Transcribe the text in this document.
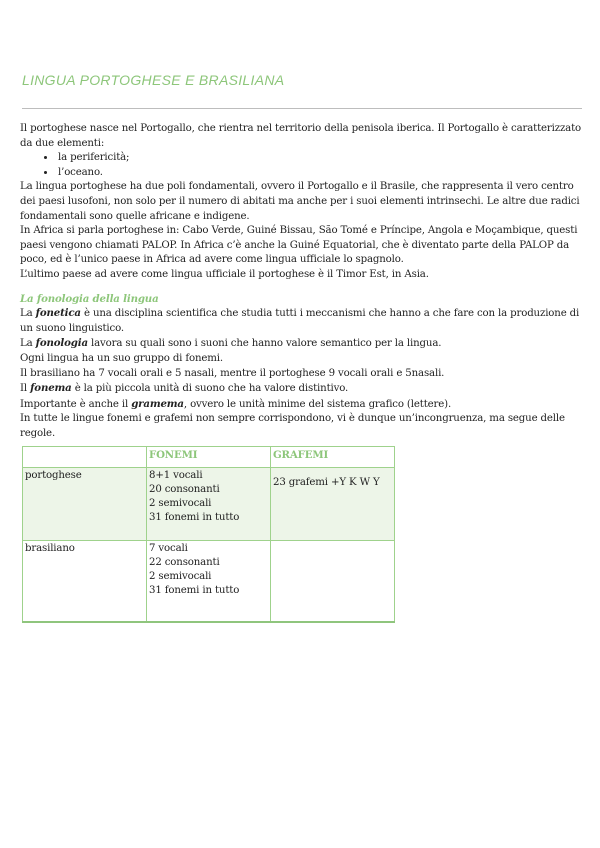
LINGUA PORTOGHESE E BRASILIANA

Il portoghese nasce nel Portogallo, che rientra nel territorio della penisola iberica. Il Portogallo è caratterizzato da due elementi:

• la perifericità;
• l’oceano.

La lingua portoghese ha due poli fondamentali, ovvero il Portogallo e il Brasile, che rappresenta il vero centro dei paesi lusofoni, non solo per il numero di abitati ma anche per i suoi elementi intrinsechi. Le altre due radici fondamentali sono quelle africane e indigene.

In Africa si parla portoghese in: Cabo Verde, Guiné Bissau, São Tomé e Príncipe, Angola e Moçambique, questi paesi vengono chiamati PALOP. In Africa c’è anche la Guiné Equatorial, che è diventato parte della PALOP da poco, ed è l’unico paese in Africa ad avere come lingua ufficiale lo spagnolo.

L’ultimo paese ad avere come lingua ufficiale il portoghese è il Timor Est, in Asia.

La fonologia della lingua

La fonetica è una disciplina scientifica che studia tutti i meccanismi che hanno a che fare con la produzione di un suono linguistico.

La fonologia lavora su quali sono i suoni che hanno valore semantico per la lingua.

Ogni lingua ha un suo gruppo di fonemi.

Il brasiliano ha 7 vocali orali e 5 nasali, mentre il portoghese 9 vocali orali e 5nasali.

Il fonema è la più piccola unità di suono che ha valore distintivo.

Importante è anche il gramema, ovvero le unità minime del sistema grafico (lettere).

In tutte le lingue fonemi e grafemi non sempre corrispondono, vi è dunque un’incongruenza, ma segue delle regole.

	FONEMI	GRAFEMI
portoghese	8+1 vocali
20 consonanti
2 semivocali
31 fonemi in tutto	23 grafemi +Y K W Y
brasiliano	7 vocali
22 consonanti
2 semivocali
31 fonemi in tutto	
